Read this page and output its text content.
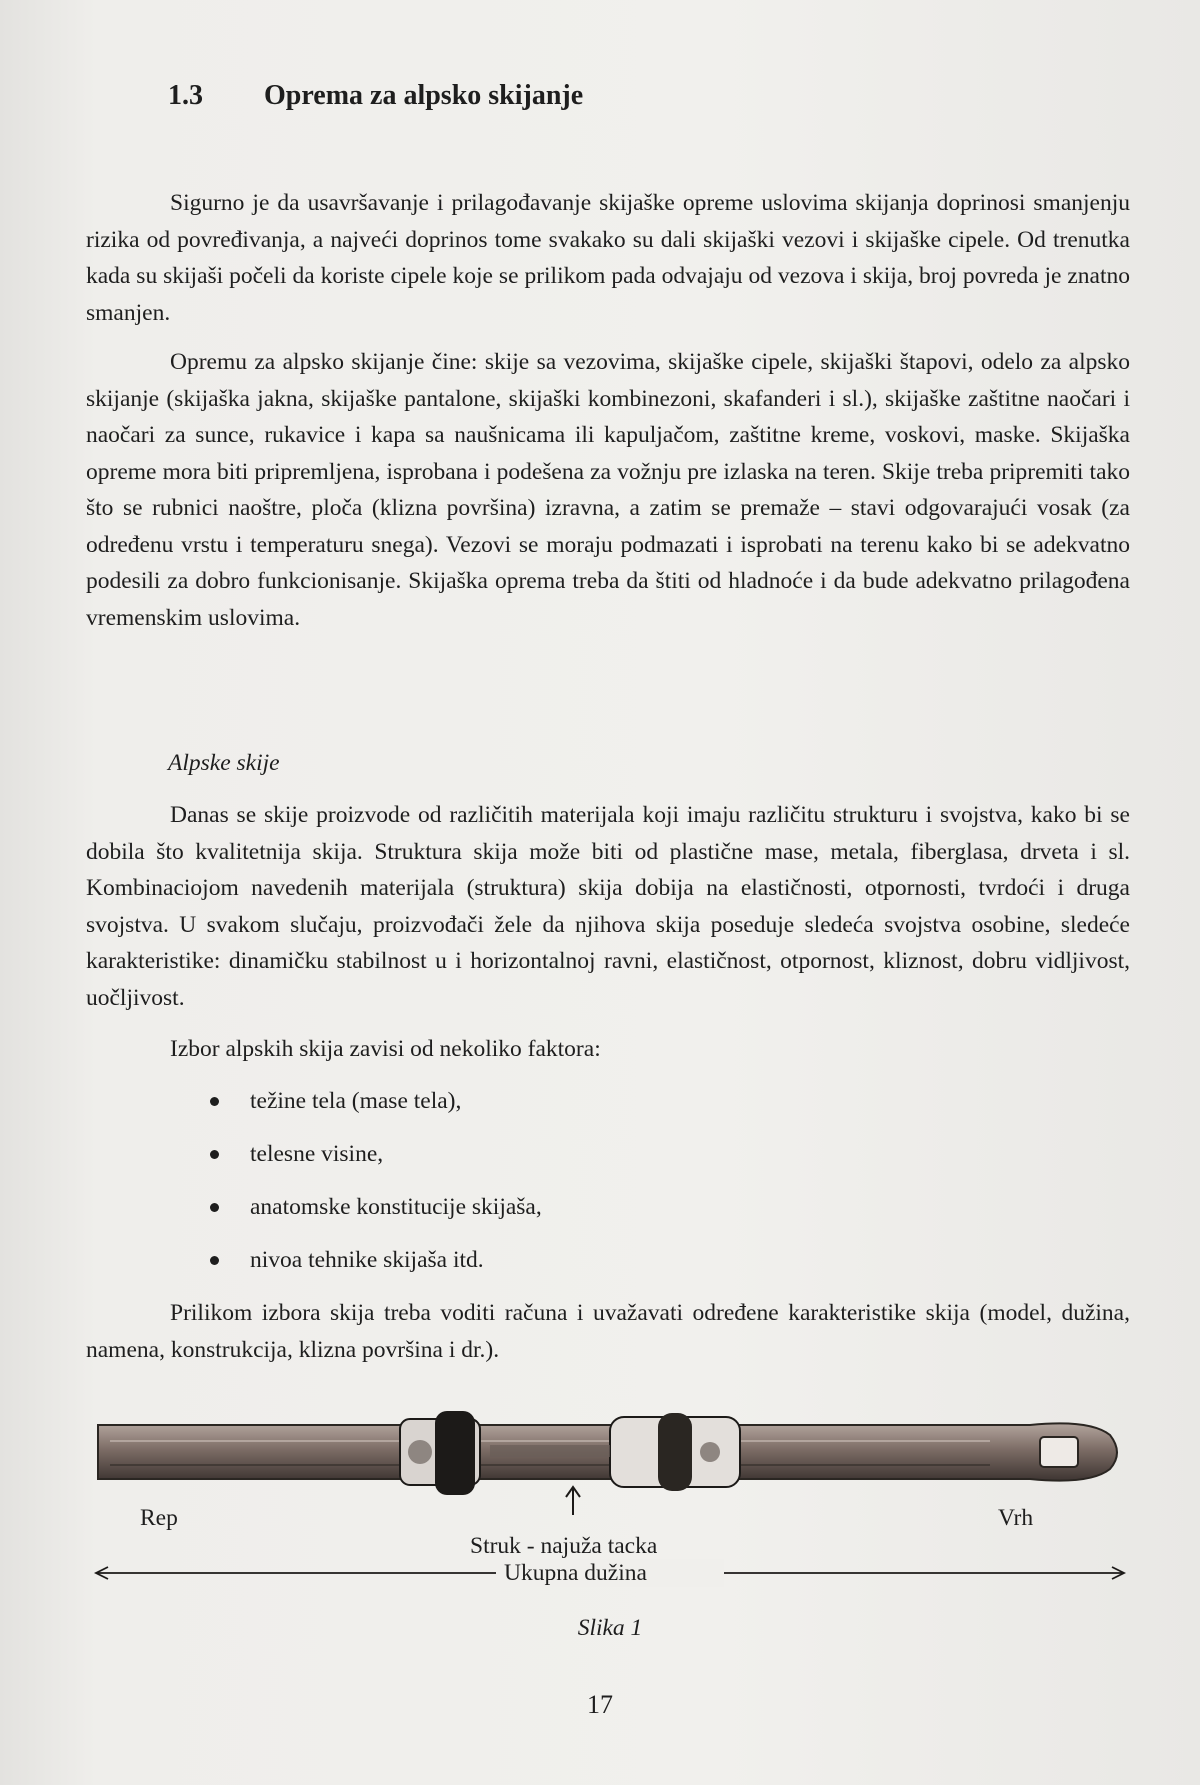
1.3 Oprema za alpsko skijanje

Sigurno je da usavršavanje i prilagođavanje skijaške opreme uslovima skijanja doprinosi smanjenju rizika od povređivanja, a najveći doprinos tome svakako su dali skijaški vezovi i skijaške cipele. Od trenutka kada su skijaši počeli da koriste cipele koje se prilikom pada odvajaju od vezova i skija, broj povreda je znatno smanjen.

Opremu za alpsko skijanje čine: skije sa vezovima, skijaške cipele, skijaški štapovi, odelo za alpsko skijanje (skijaška jakna, skijaške pantalone, skijaški kombinezoni, skafanderi i sl.), skijaške zaštitne naočari i naočari za sunce, rukavice i kapa sa naušnicama ili kapuljačom, zaštitne kreme, voskovi, maske. Skijaška opreme mora biti pripremljena, isprobana i podešena za vožnju pre izlaska na teren. Skije treba pripremiti tako što se rubnici naoštre, ploča (klizna površina) izravna, a zatim se premaže – stavi odgovarajući vosak (za određenu vrstu i temperaturu snega). Vezovi se moraju podmazati i isprobati na terenu kako bi se adekvatno podesili za dobro funkcionisanje. Skijaška oprema treba da štiti od hladnoće i da bude adekvatno prilagođena vremenskim uslovima.

Alpske skije

Danas se skije proizvode od različitih materijala koji imaju različitu strukturu i svojstva, kako bi se dobila što kvalitetnija skija. Struktura skija može biti od plastične mase, metala, fiberglasa, drveta i sl. Kombinaciojom navedenih materijala (struktura) skija dobija na elastičnosti, otpornosti, tvrdoći i druga svojstva. U svakom slučaju, proizvođači žele da njihova skija poseduje sledeća svojstva osobine, sledeće karakteristike: dinamičku stabilnost u i horizontalnoj ravni, elastičnost, otpornost, kliznost, dobru vidljivost, uočljivost.

Izbor alpskih skija zavisi od nekoliko faktora:

težine tela (mase tela),
telesne visine,
anatomske konstitucije skijaša,
nivoa tehnike skijaša itd.

Prilikom izbora skija treba voditi računa i uvažavati određene karakteristike skija (model, dužina, namena, konstrukcija, klizna površina i dr.).

Rep	Vrh
Struk - najuža tacka
Ukupna dužina
Slika 1
17
